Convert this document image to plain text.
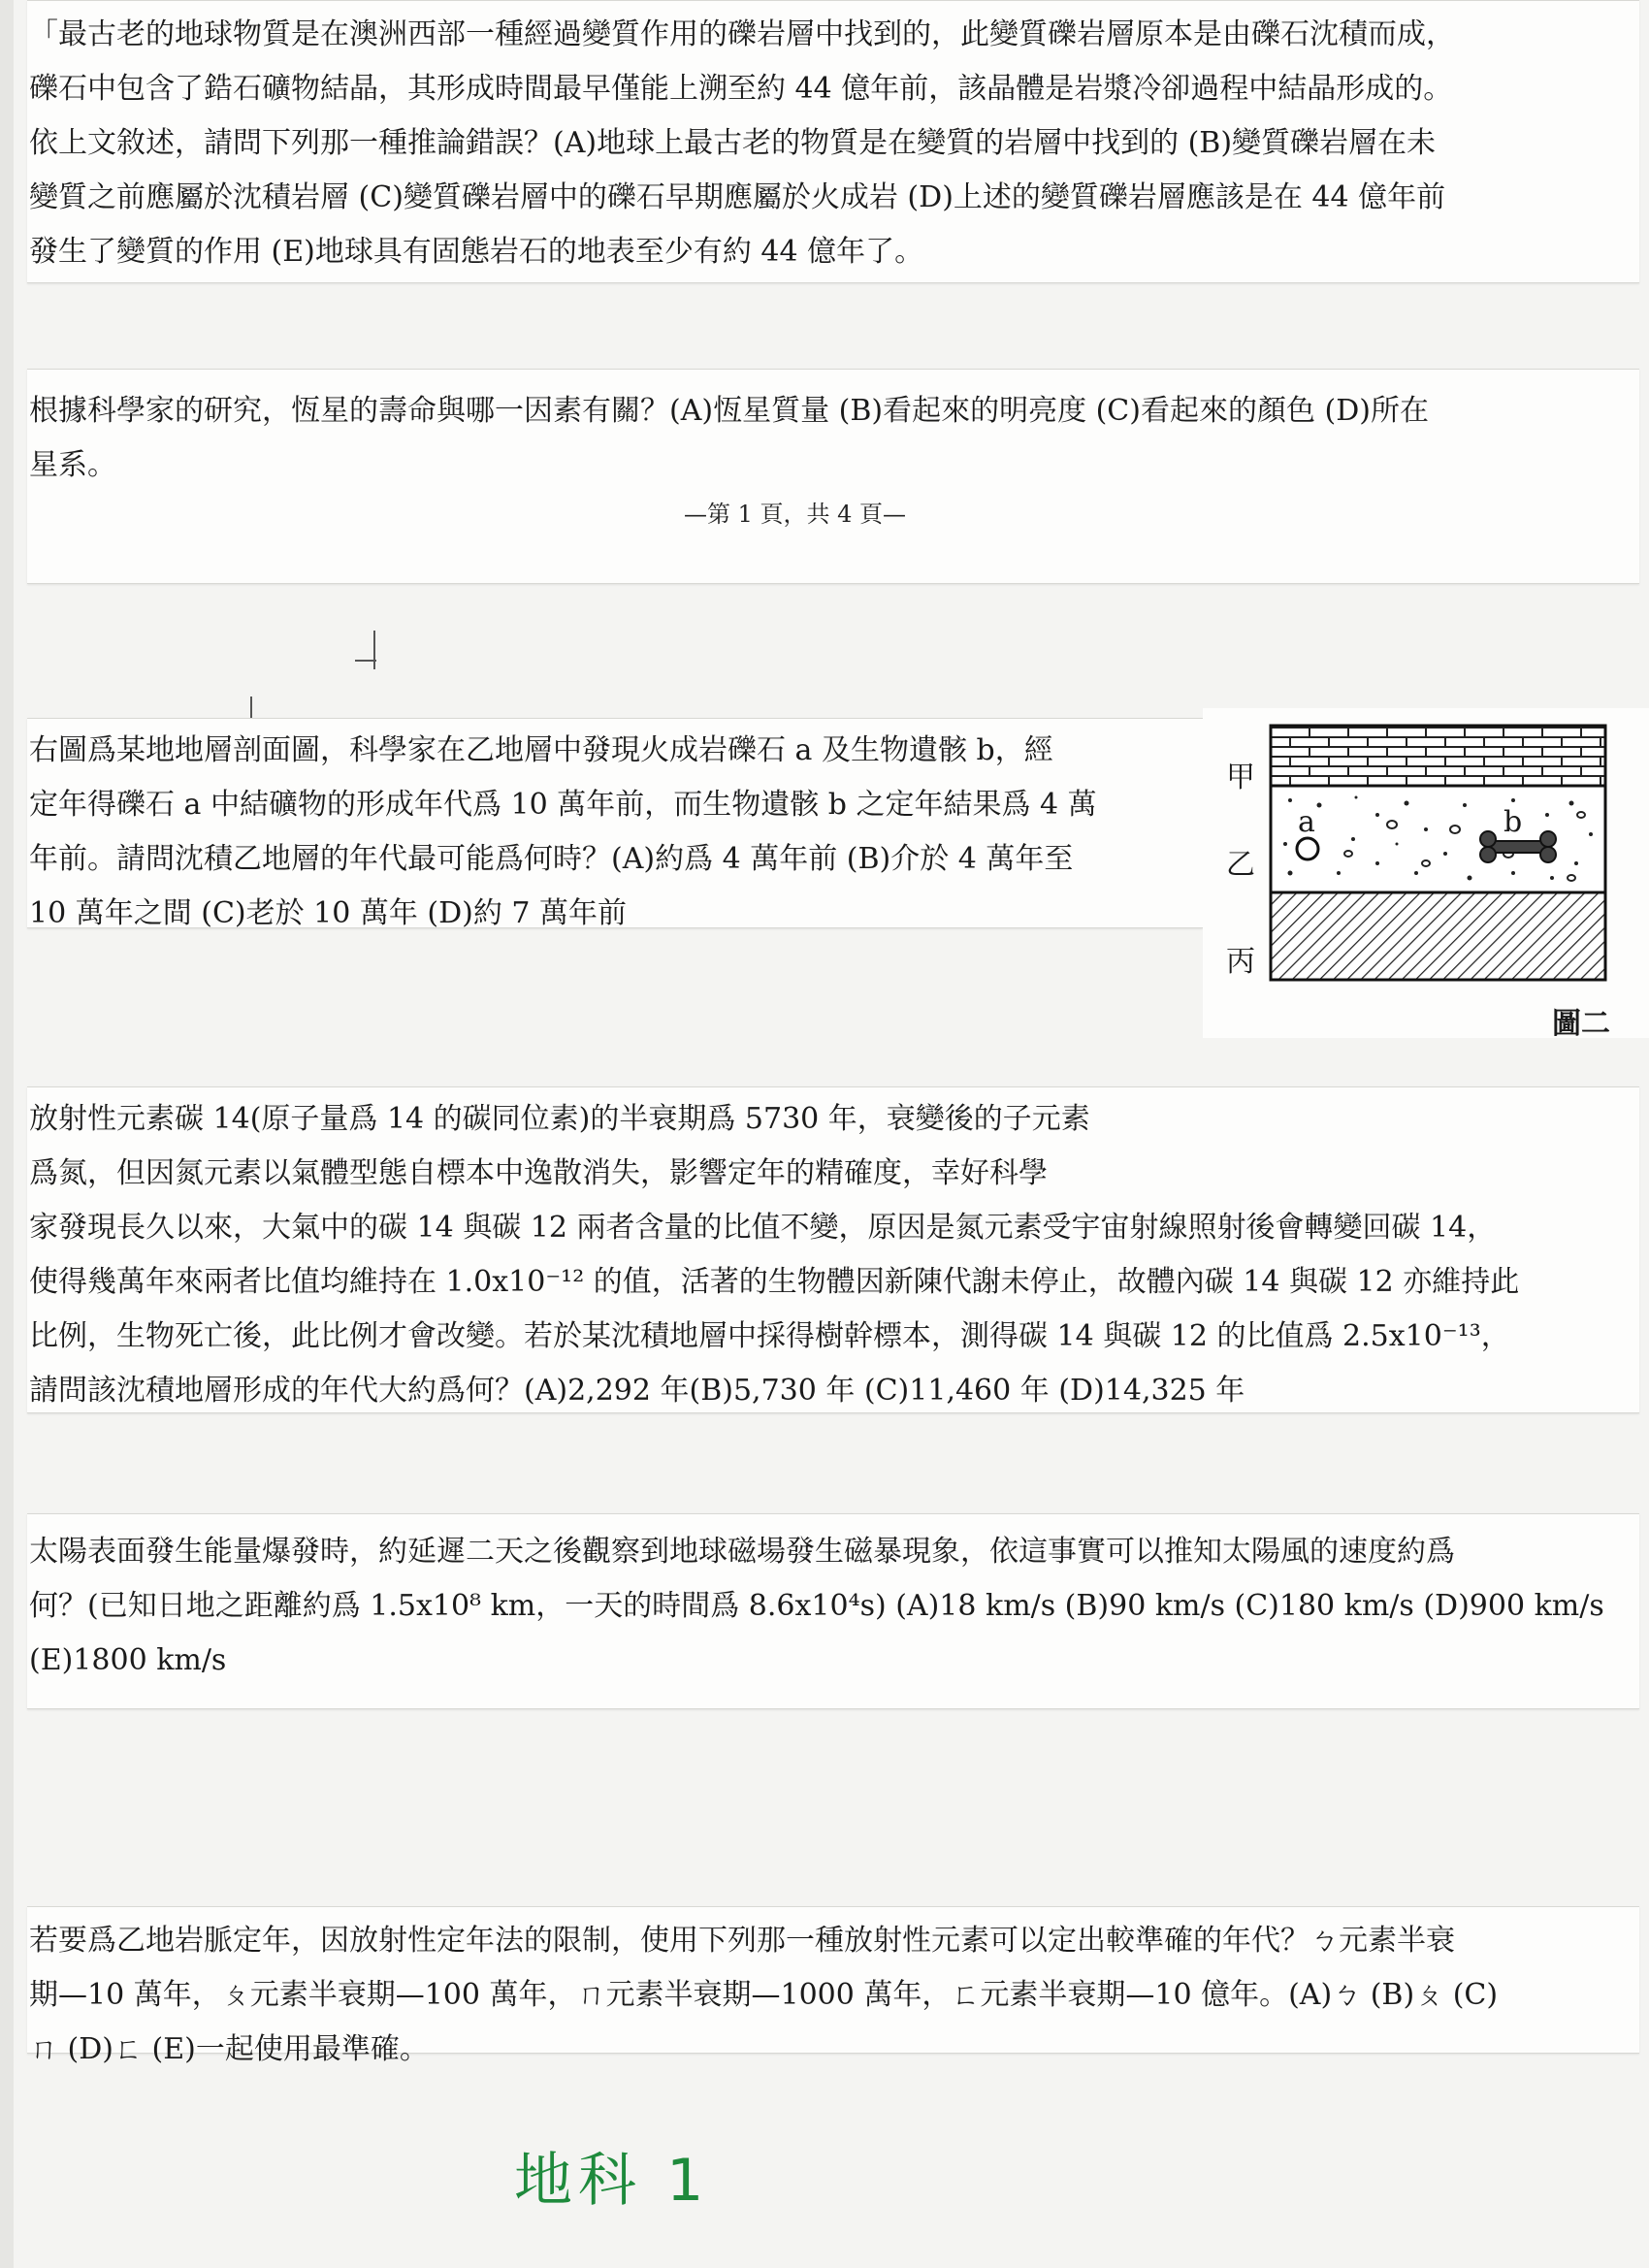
「最古老的地球物質是在澳洲西部一種經過變質作用的礫岩層中找到的，此變質礫岩層原本是由礫石沈積而成，
礫石中包含了鋯石礦物結晶，其形成時間最早僅能上溯至約 44 億年前，該晶體是岩漿冷卻過程中結晶形成的。
依上文敘述，請問下列那一種推論錯誤？(A)地球上最古老的物質是在變質的岩層中找到的 (B)變質礫岩層在未
變質之前應屬於沈積岩層 (C)變質礫岩層中的礫石早期應屬於火成岩 (D)上述的變質礫岩層應該是在 44 億年前
發生了變質的作用 (E)地球具有固態岩石的地表至少有約 44 億年了。
根據科學家的研究，恆星的壽命與哪一因素有關？(A)恆星質量 (B)看起來的明亮度 (C)看起來的顏色 (D)所在
星系。
—第 1 頁，共 4 頁—
右圖爲某地地層剖面圖，科學家在乙地層中發現火成岩礫石 a 及生物遺骸 b，經
定年得礫石 a 中結礦物的形成年代爲 10 萬年前，而生物遺骸 b 之定年結果爲 4 萬
年前。請問沈積乙地層的年代最可能爲何時？(A)約爲 4 萬年前 (B)介於 4 萬年至
10 萬年之間 (C)老於 10 萬年 (D)約 7 萬年前
甲
乙
丙
圖二
a	b
放射性元素碳 14(原子量爲 14 的碳同位素)的半衰期爲 5730 年，衰變後的子元素
爲氮，但因氮元素以氣體型態自標本中逸散消失，影響定年的精確度，幸好科學
家發現長久以來，大氣中的碳 14 與碳 12 兩者含量的比值不變，原因是氮元素受宇宙射線照射後會轉變回碳 14，
使得幾萬年來兩者比值均維持在 1.0x10⁻¹² 的值，活著的生物體因新陳代謝未停止，故體內碳 14 與碳 12 亦維持此
比例，生物死亡後，此比例才會改變。若於某沈積地層中採得樹幹標本，測得碳 14 與碳 12 的比值爲 2.5x10⁻¹³，
請問該沈積地層形成的年代大約爲何？(A)2,292 年(B)5,730 年 (C)11,460 年 (D)14,325 年
太陽表面發生能量爆發時，約延遲二天之後觀察到地球磁場發生磁暴現象，依這事實可以推知太陽風的速度約爲
何？(已知日地之距離約爲 1.5x10⁸ km，一天的時間爲 8.6x10⁴s) (A)18 km/s (B)90 km/s (C)180 km/s (D)900 km/s
(E)1800 km/s
若要爲乙地岩脈定年，因放射性定年法的限制，使用下列那一種放射性元素可以定出較準確的年代？ㄅ元素半衰
期—10 萬年，ㄆ元素半衰期—100 萬年，ㄇ元素半衰期—1000 萬年，ㄈ元素半衰期—10 億年。(A)ㄅ (B)ㄆ (C)
ㄇ (D)ㄈ (E)一起使用最準確。
地科 1
